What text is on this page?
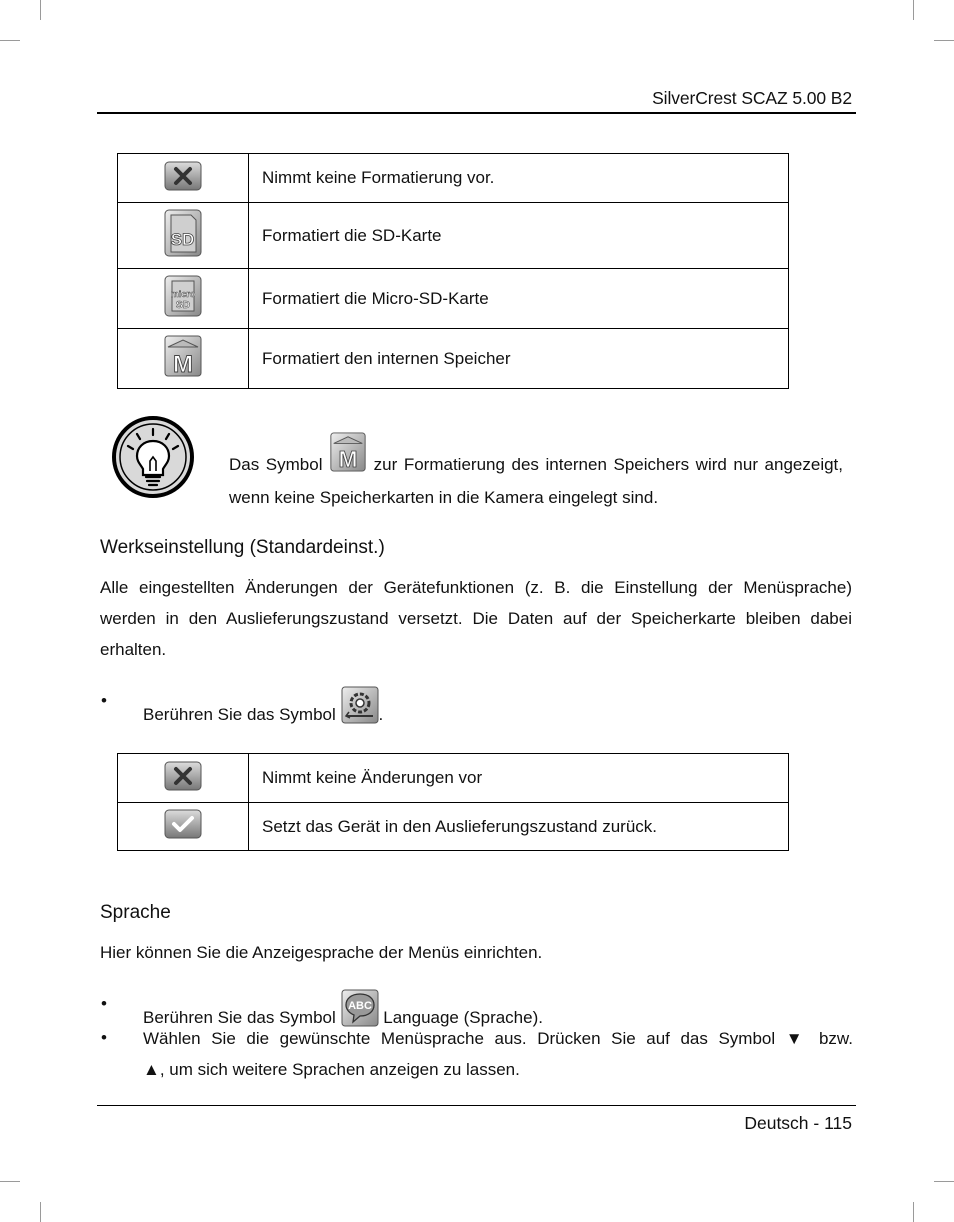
SilverCrest SCAZ 5.00 B2
	Nimmt keine Formatierung vor.

SD	Formatiert die SD-Karte

micro
SD	Formatiert die Micro-SD-Karte

M	Formatiert den internen Speicher

Das Symbol M zur Formatierung des internen Speichers wird nur angezeigt, wenn keine Speicherkarten in die Kamera eingelegt sind.

Werkseinstellung (Standardeinst.)

Alle eingestellten Änderungen der Gerätefunktionen (z. B. die Einstellung der Menüsprache) werden in den Auslieferungszustand versetzt. Die Daten auf der Speicherkarte bleiben dabei erhalten.

•
Berühren Sie das Symbol	.
	Nimmt keine Änderungen vor
	Setzt das Gerät in den Auslieferungszustand zurück.
Sprache

Hier können Sie die Anzeigesprache der Menüs einrichten.

•
Berühren Sie das Symbol
ABC
Language (Sprache).
• Wählen Sie die gewünschte Menüsprache aus. Drücken Sie auf das Symbol ▼ bzw.
▲, um sich weitere Sprachen anzeigen zu lassen.
Deutsch - 115
